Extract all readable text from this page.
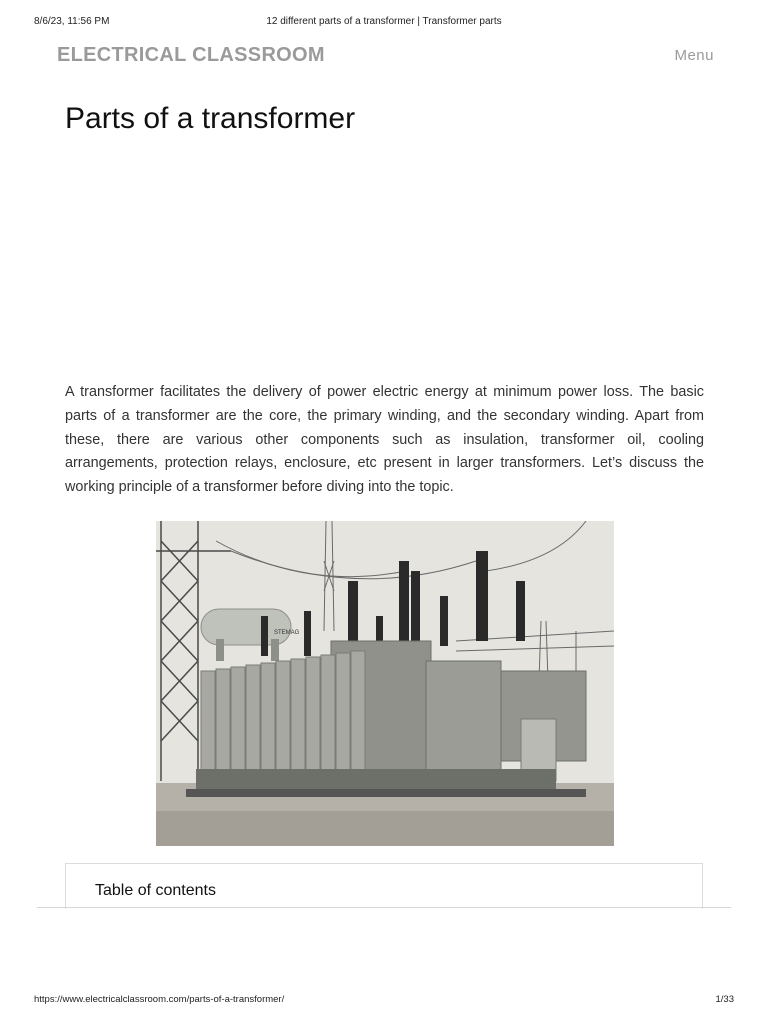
8/6/23, 11:56 PM	12 different parts of a transformer | Transformer parts
ELECTRICAL CLASSROOM	Menu
Parts of a transformer

A transformer facilitates the delivery of power electric energy at minimum power loss. The basic parts of a transformer are the core, the primary winding, and the secondary winding. Apart from these, there are various other components such as insulation, transformer oil, cooling arrangements, protection relays, enclosure, etc present in larger transformers. Let’s discuss the working principle of a transformer before diving into the topic.

STEMAG
Table of contents
https://www.electricalclassroom.com/parts-of-a-transformer/	1/33
